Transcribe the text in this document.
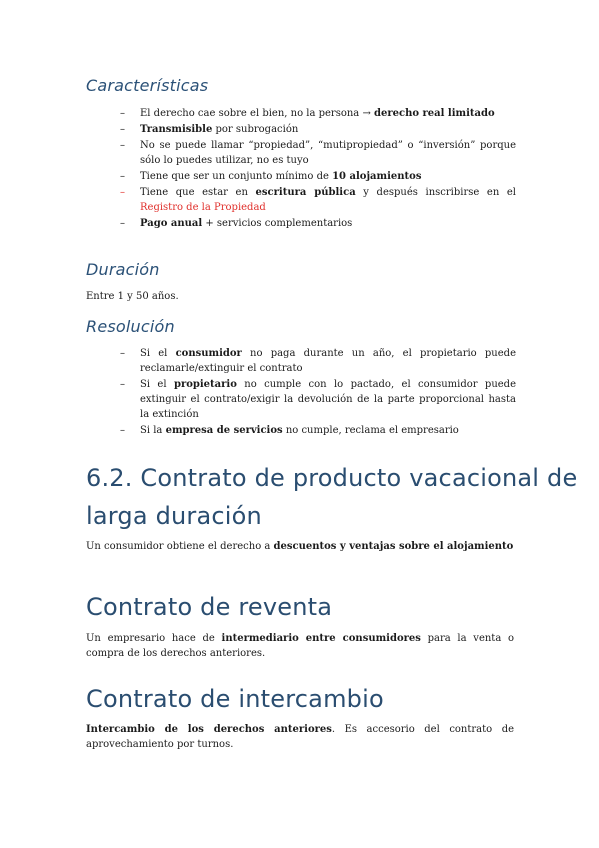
Características
– El derecho cae sobre el bien, no la persona → derecho real limitado
– Transmisible por subrogación
– No se puede llamar “propiedad”, “mutipropiedad” o “inversión” porque sólo lo puedes utilizar, no es tuyo
– Tiene que ser un conjunto mínimo de 10 alojamientos
– Tiene que estar en escritura pública y después inscribirse en el Registro de la Propiedad
– Pago anual + servicios complementarios
Duración

Entre 1 y 50 años.

Resolución
– Si el consumidor no paga durante un año, el propietario puede reclamarle/extinguir el contrato
– Si el propietario no cumple con lo pactado, el consumidor puede extinguir el contrato/exigir la devolución de la parte proporcional hasta la extinción
– Si la empresa de servicios no cumple, reclama el empresario
6.2. Contrato de producto vacacional de
larga duración

Un consumidor obtiene el derecho a descuentos y ventajas sobre el alojamiento

Contrato de reventa

Un empresario hace de intermediario entre consumidores para la venta o compra de los derechos anteriores.

Contrato de intercambio

Intercambio de los derechos anteriores. Es accesorio del contrato de aprovechamiento por turnos.
